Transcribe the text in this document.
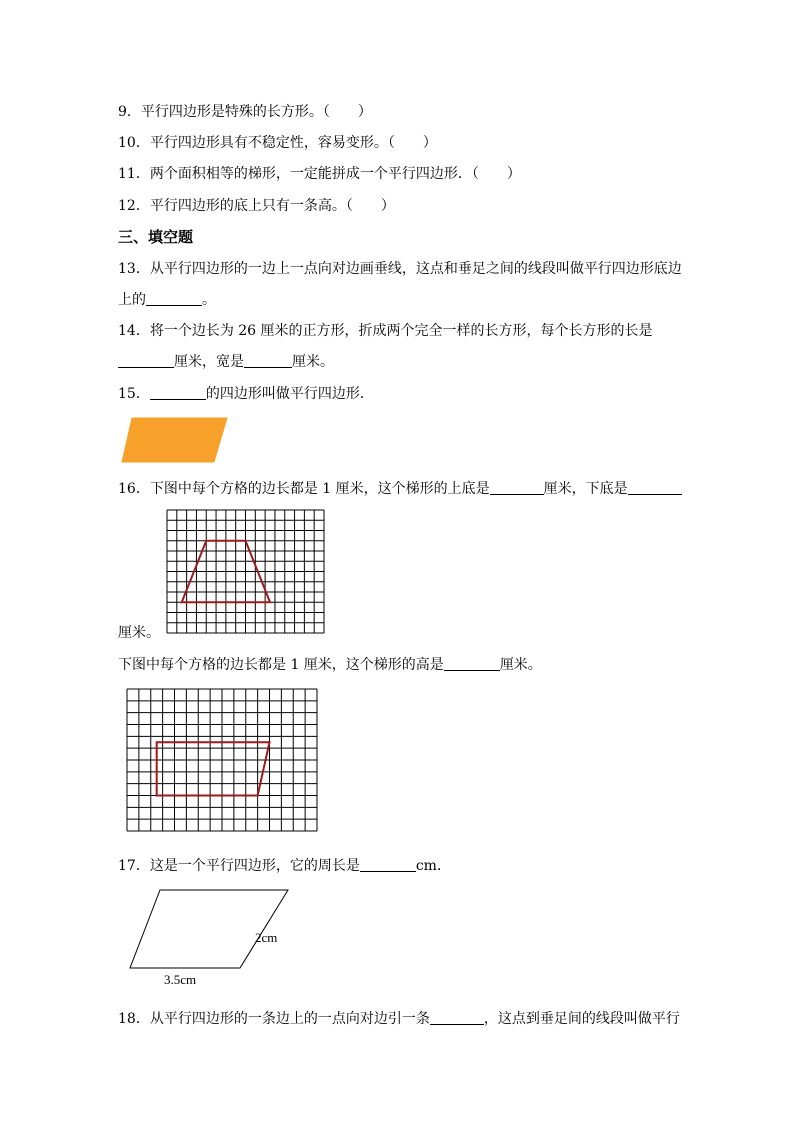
9．平行四边形是特殊的长方形。（　　）
10．平行四边形具有不稳定性，容易变形。（　　）
11．两个面积相等的梯形，一定能拼成一个平行四边形．（　　）
12．平行四边形的底上只有一条高。（　　）
三、填空题
13．从平行四边形的一边上一点向对边画垂线，这点和垂足之间的线段叫做平行四边形底边
上的	。
14．将一个边长为 26 厘米的正方形，折成两个完全一样的长方形，每个长方形的长是
厘米，宽是	厘米。
15．	的四边形叫做平行四边形．
16．下图中每个方格的边长都是 1 厘米，这个梯形的上底是	厘米，下底是
厘米。
下图中每个方格的边长都是 1 厘米，这个梯形的高是	厘米。
17．这是一个平行四边形，它的周长是	cm．
2cm
3.5cm
18．从平行四边形的一条边上的一点向对边引一条	，这点到垂足间的线段叫做平行
